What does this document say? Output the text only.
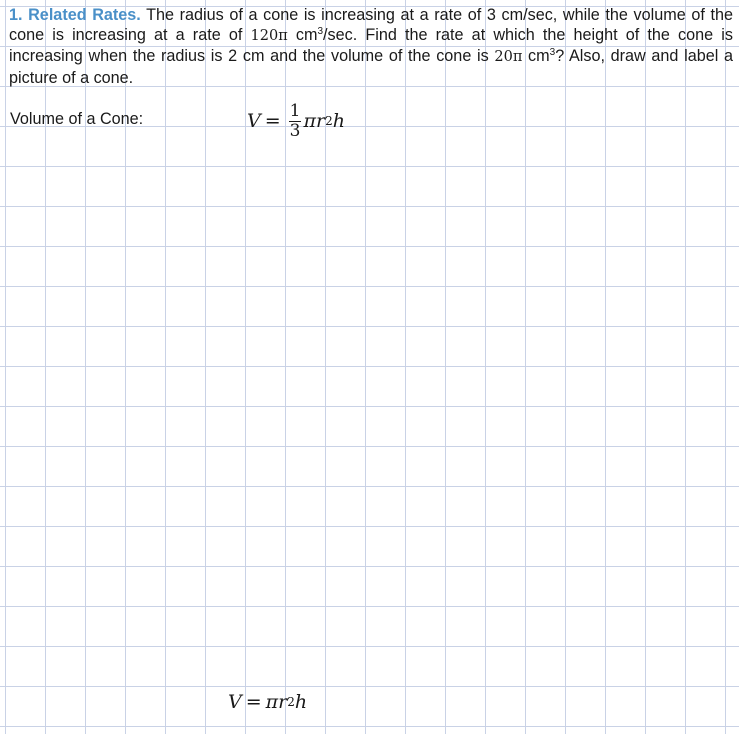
1. Related Rates. The radius of a cone is increasing at a rate of 3 cm/sec, while the volume of the cone is increasing at a rate of 120π $cm^3/\sec$. Find the rate at which the height of the cone is increasing when the radius is 2 cm and the volume of the cone is 20π $cm^3$? Also, draw and label a picture of a cone.

Volume of a Cone:	$V = \frac{1}{3}$ πr 2 h
V = πr 2 h
